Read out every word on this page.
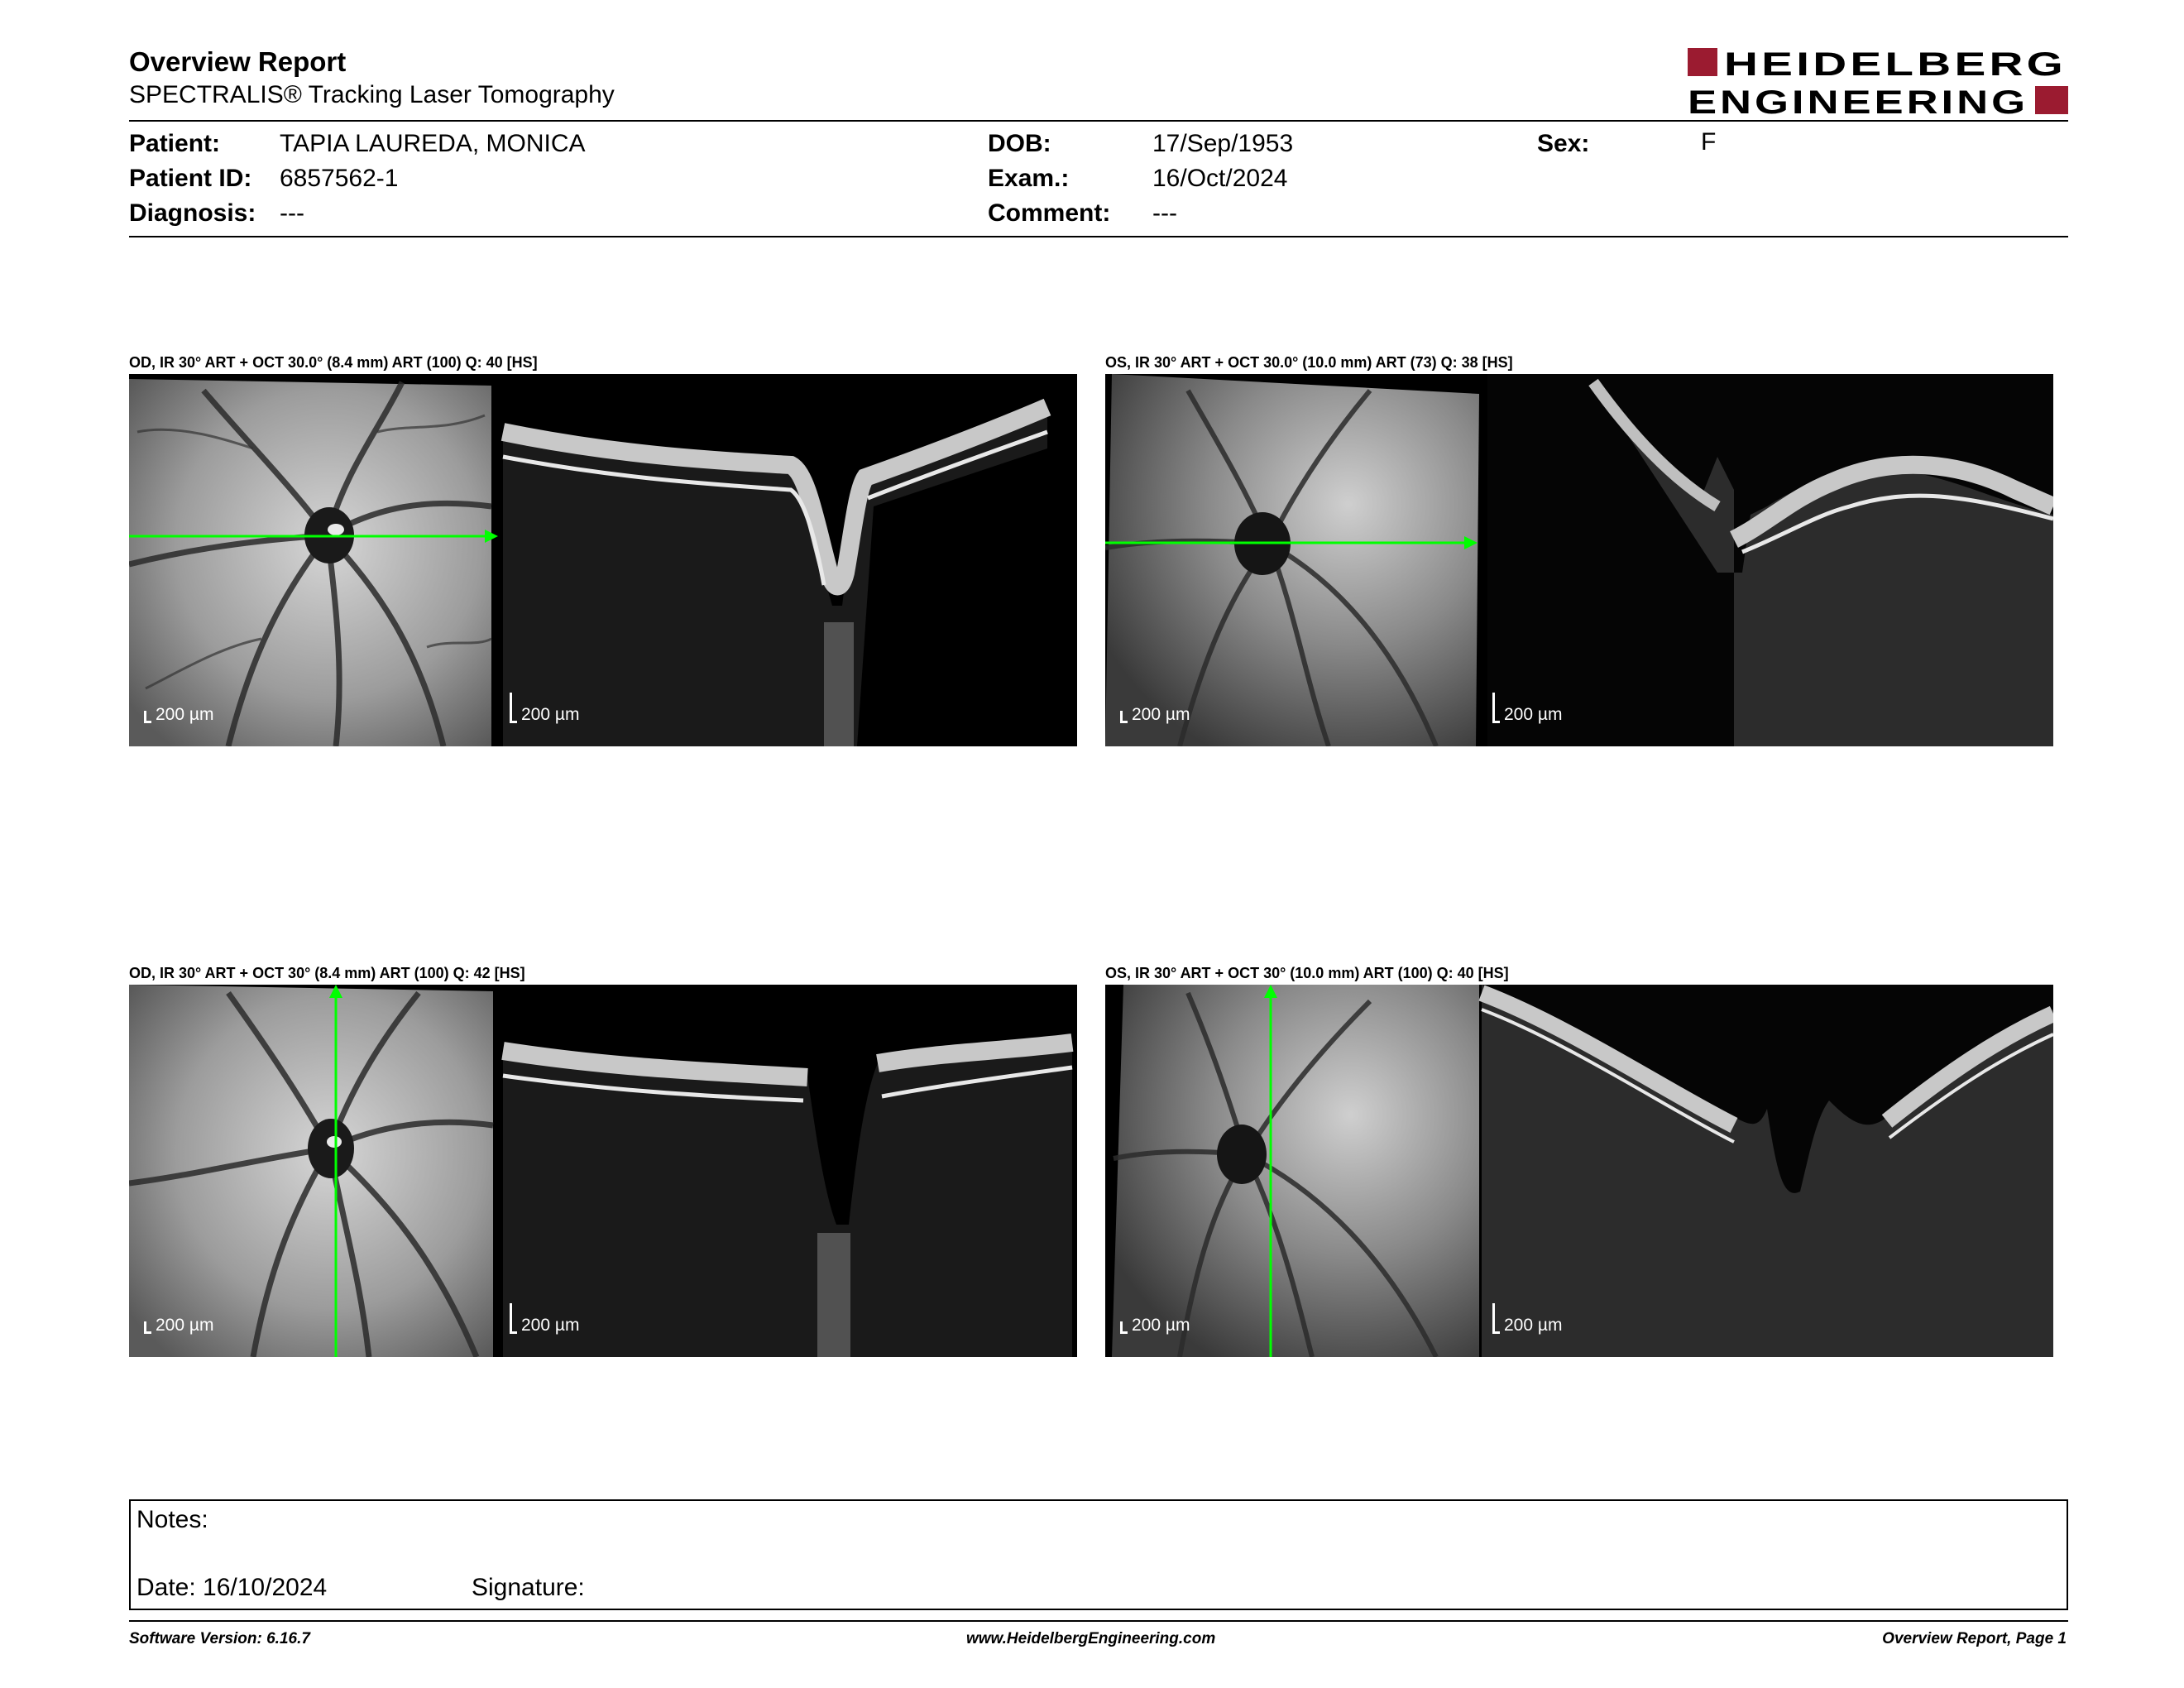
Overview Report
SPECTRALIS® Tracking Laser Tomography
HEIDELBERG
ENGINEERING
Patient: TAPIA LAUREDA, MONICA
Patient ID: 6857562-1
Diagnosis: ---
DOB:	17/Sep/1953
Exam.:	16/Oct/2024
Comment: ---
Sex:	F
OD, IR 30° ART + OCT 30.0° (8.4 mm) ART (100) Q: 40 [HS]
200 µm	200 µm
OS, IR 30° ART + OCT 30.0° (10.0 mm) ART (73) Q: 38 [HS]
200 µm	200 µm
OD, IR 30° ART + OCT 30° (8.4 mm) ART (100) Q: 42 [HS]
200 µm	200 µm
OS, IR 30° ART + OCT 30° (10.0 mm) ART (100) Q: 40 [HS]
200 µm	200 µm
Notes:
Date: 16/10/2024	Signature:
Software Version: 6.16.7	www.HeidelbergEngineering.com	Overview Report, Page 1
